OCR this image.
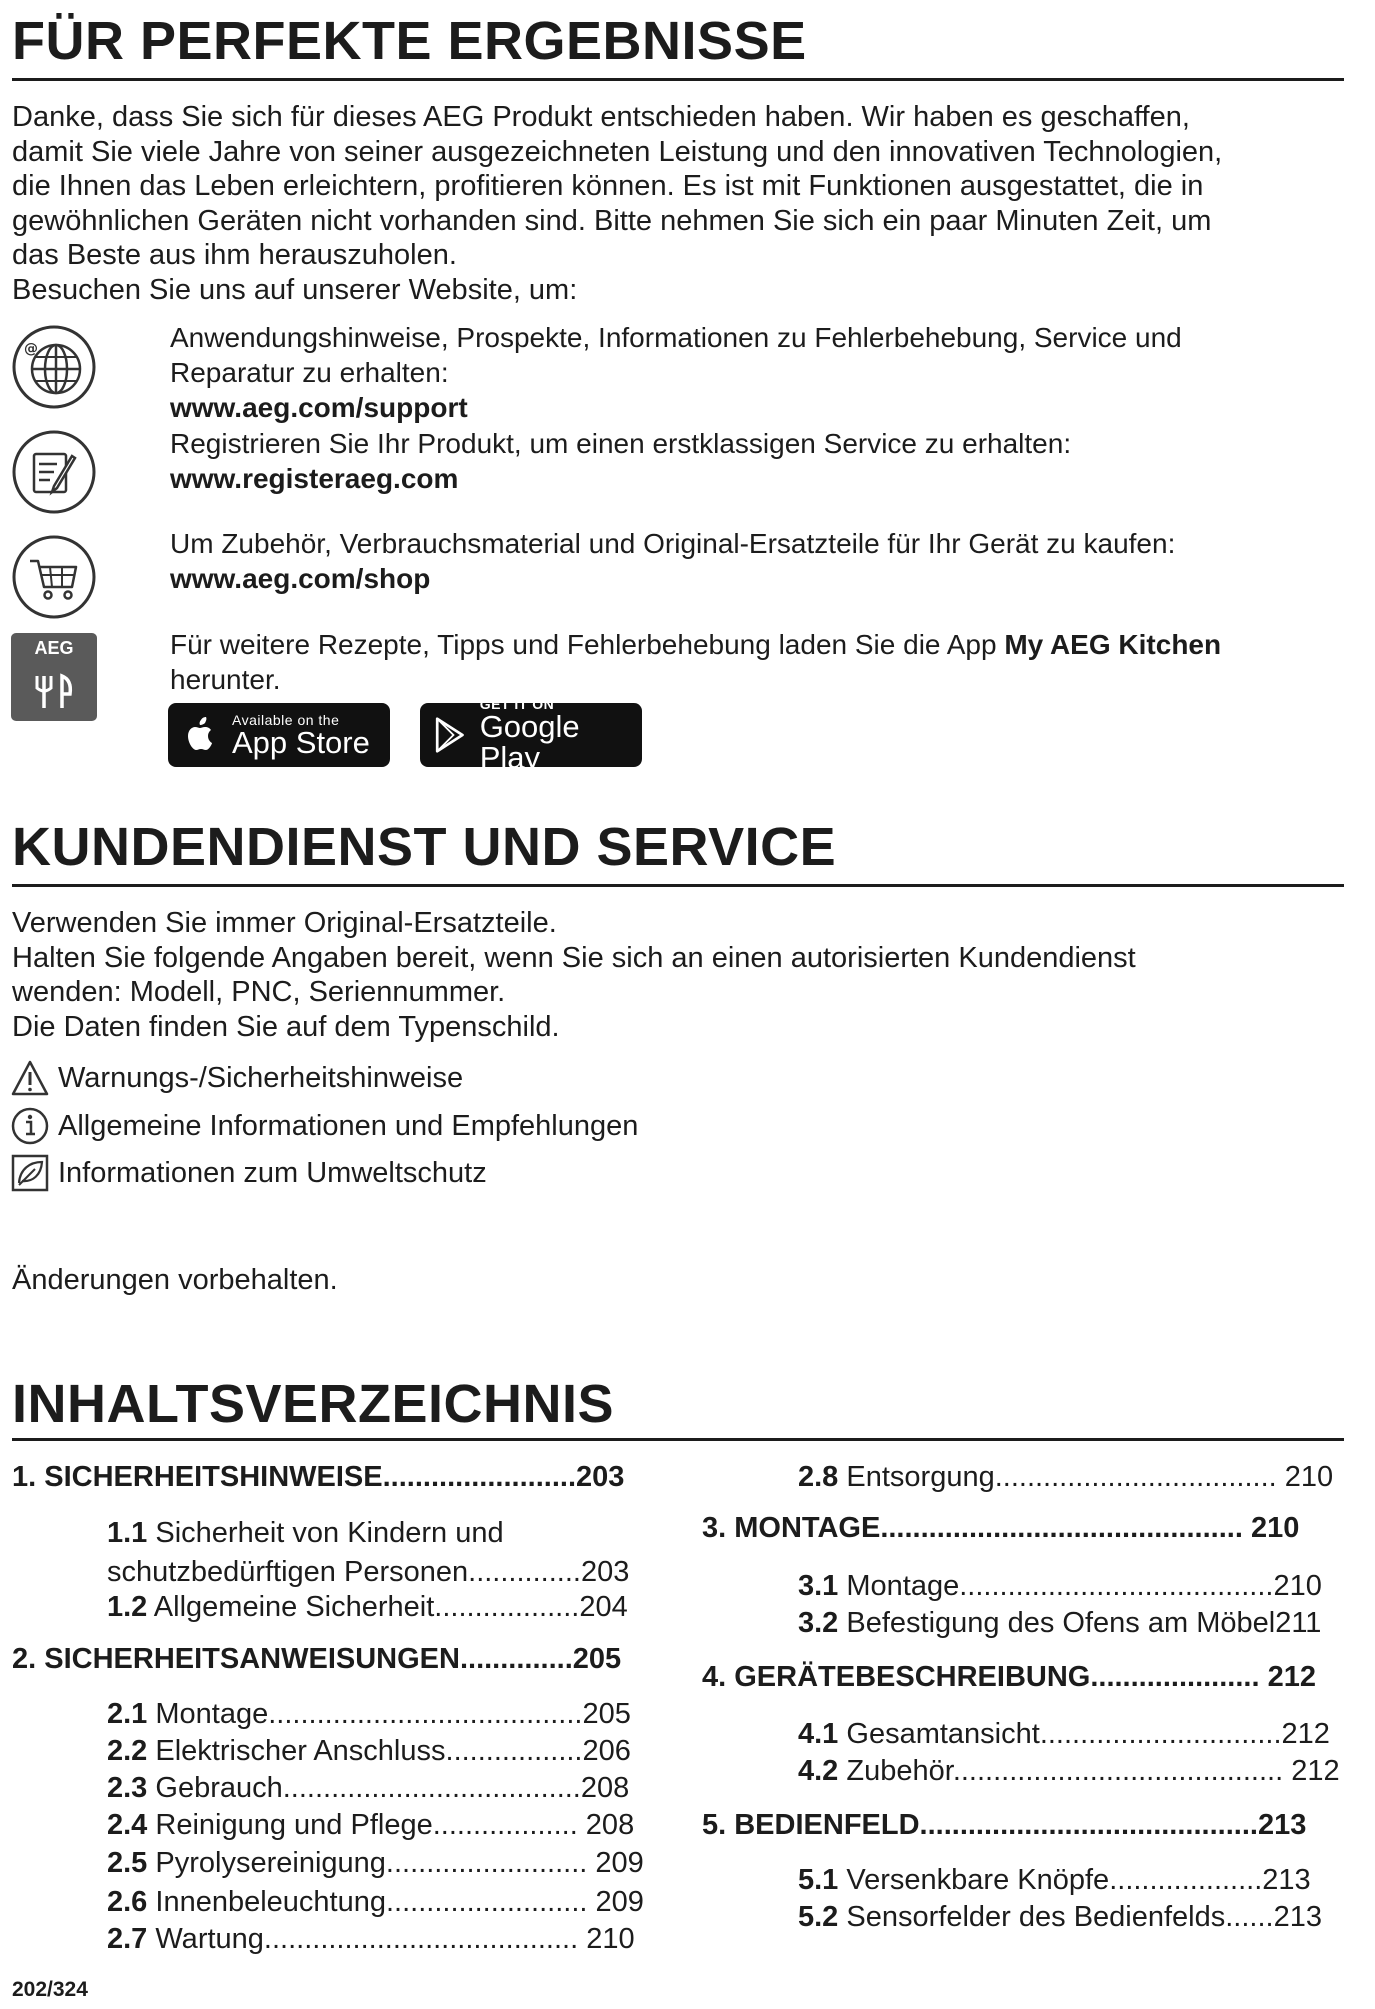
FÜR PERFEKTE ERGEBNISSE
Danke, dass Sie sich für dieses AEG Produkt entschieden haben. Wir haben es geschaffen,
damit Sie viele Jahre von seiner ausgezeichneten Leistung und den innovativen Technologien,
die Ihnen das Leben erleichtern, profitieren können. Es ist mit Funktionen ausgestattet, die in
gewöhnlichen Geräten nicht vorhanden sind. Bitte nehmen Sie sich ein paar Minuten Zeit, um
das Beste aus ihm herauszuholen.
Besuchen Sie uns auf unserer Website, um:
@	Anwendungshinweise, Prospekte, Informationen zu Fehlerbehebung, Service und
Reparatur zu erhalten:
www.aeg.com/support
Registrieren Sie Ihr Produkt, um einen erstklassigen Service zu erhalten:
www.registeraeg.com
Um Zubehör, Verbrauchsmaterial und Original-Ersatzteile für Ihr Gerät zu kaufen:
www.aeg.com/shop
AEG	Für weitere Rezepte, Tipps und Fehlerbehebung laden Sie die App My AEG Kitchen
herunter.
Available on the
App Store
GET IT ON
Google Play
KUNDENDIENST UND SERVICE
Verwenden Sie immer Original-Ersatzteile.
Halten Sie folgende Angaben bereit, wenn Sie sich an einen autorisierten Kundendienst
wenden: Modell, PNC, Seriennummer.
Die Daten finden Sie auf dem Typenschild.
Warnungs-/Sicherheitshinweise
Allgemeine Informationen und Empfehlungen
Informationen zum Umweltschutz
Änderungen vorbehalten.
INHALTSVERZEICHNIS
1. SICHERHEITSHINWEISE........................203
1.1 Sicherheit von Kindern und
schutzbedürftigen Personen..............203
1.2 Allgemeine Sicherheit..................204
2. SICHERHEITSANWEISUNGEN..............205
2.1 Montage.......................................205
2.2 Elektrischer Anschluss.................206
2.3 Gebrauch.....................................208
2.4 Reinigung und Pflege.................. 208
2.5 Pyrolysereinigung......................... 209
2.6 Innenbeleuchtung......................... 209
2.7 Wartung....................................... 210
2.8 Entsorgung................................... 210
3. MONTAGE............................................. 210
3.1 Montage.......................................210
3.2 Befestigung des Ofens am Möbel211
4. GERÄTEBESCHREIBUNG..................... 212
4.1 Gesamtansicht..............................212
4.2 Zubehör......................................... 212
5. BEDIENFELD..........................................213
5.1 Versenkbare Knöpfe...................213
5.2 Sensorfelder des Bedienfelds......213
202/324
